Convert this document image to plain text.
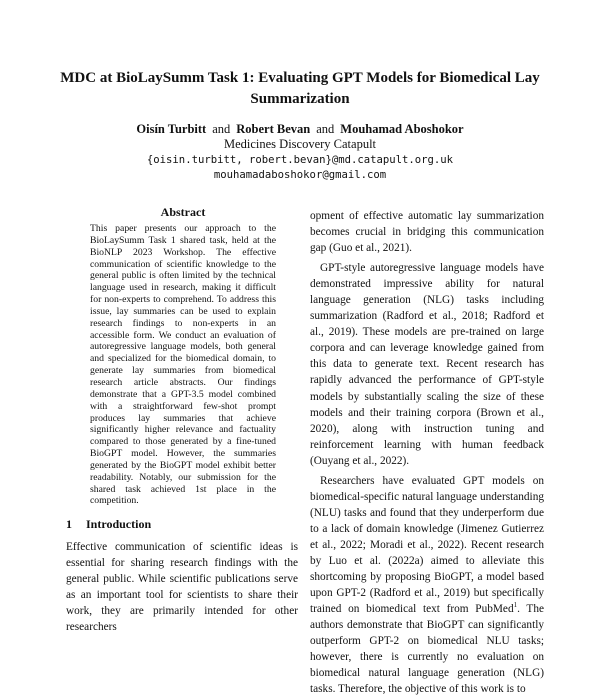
MDC at BioLaySumm Task 1: Evaluating GPT Models for Biomedical Lay Summarization
Oisín Turbitt and Robert Bevan and Mouhamad Aboshokor
Medicines Discovery Catapult
{oisin.turbitt, robert.bevan}@md.catapult.org.uk
mouhamadaboshokor@gmail.com
Abstract
This paper presents our approach to the BioLaySumm Task 1 shared task, held at the BioNLP 2023 Workshop. The effective communication of scientific knowledge to the general public is often limited by the technical language used in research, making it difficult for non-experts to comprehend. To address this issue, lay summaries can be used to explain research findings to non-experts in an accessible form. We conduct an evaluation of autoregressive language models, both general and specialized for the biomedical domain, to generate lay summaries from biomedical research article abstracts. Our findings demonstrate that a GPT-3.5 model combined with a straightforward few-shot prompt produces lay summaries that achieve significantly higher relevance and factuality compared to those generated by a fine-tuned BioGPT model. However, the summaries generated by the BioGPT model exhibit better readability. Notably, our submission for the shared task achieved 1st place in the competition.
1 Introduction
Effective communication of scientific ideas is essential for sharing research findings with the general public. While scientific publications serve as an important tool for scientists to share their work, they are primarily intended for other researchers

opment of effective automatic lay summarization becomes crucial in bridging this communication gap (Guo et al., 2021).

GPT-style autoregressive language models have demonstrated impressive ability for natural language generation (NLG) tasks including summarization (Radford et al., 2018; Radford et al., 2019). These models are pre-trained on large corpora and can leverage knowledge gained from this data to generate text. Recent research has rapidly advanced the performance of GPT-style models by substantially scaling the size of these models and their training corpora (Brown et al., 2020), along with instruction tuning and reinforcement learning with human feedback (Ouyang et al., 2022).

Researchers have evaluated GPT models on biomedical-specific natural language understanding (NLU) tasks and found that they underperform due to a lack of domain knowledge (Jimenez Gutierrez et al., 2022; Moradi et al., 2022). Recent research by Luo et al. (2022a) aimed to alleviate this shortcoming by proposing BioGPT, a model based upon GPT-2 (Radford et al., 2019) but specifically trained on biomedical text from PubMed$^1$. The authors demonstrate that BioGPT can significantly outperform GPT-2 on biomedical NLU tasks; however, there is currently no evaluation on biomedical natural language generation (NLG) tasks. Therefore, the objective of this work is to
